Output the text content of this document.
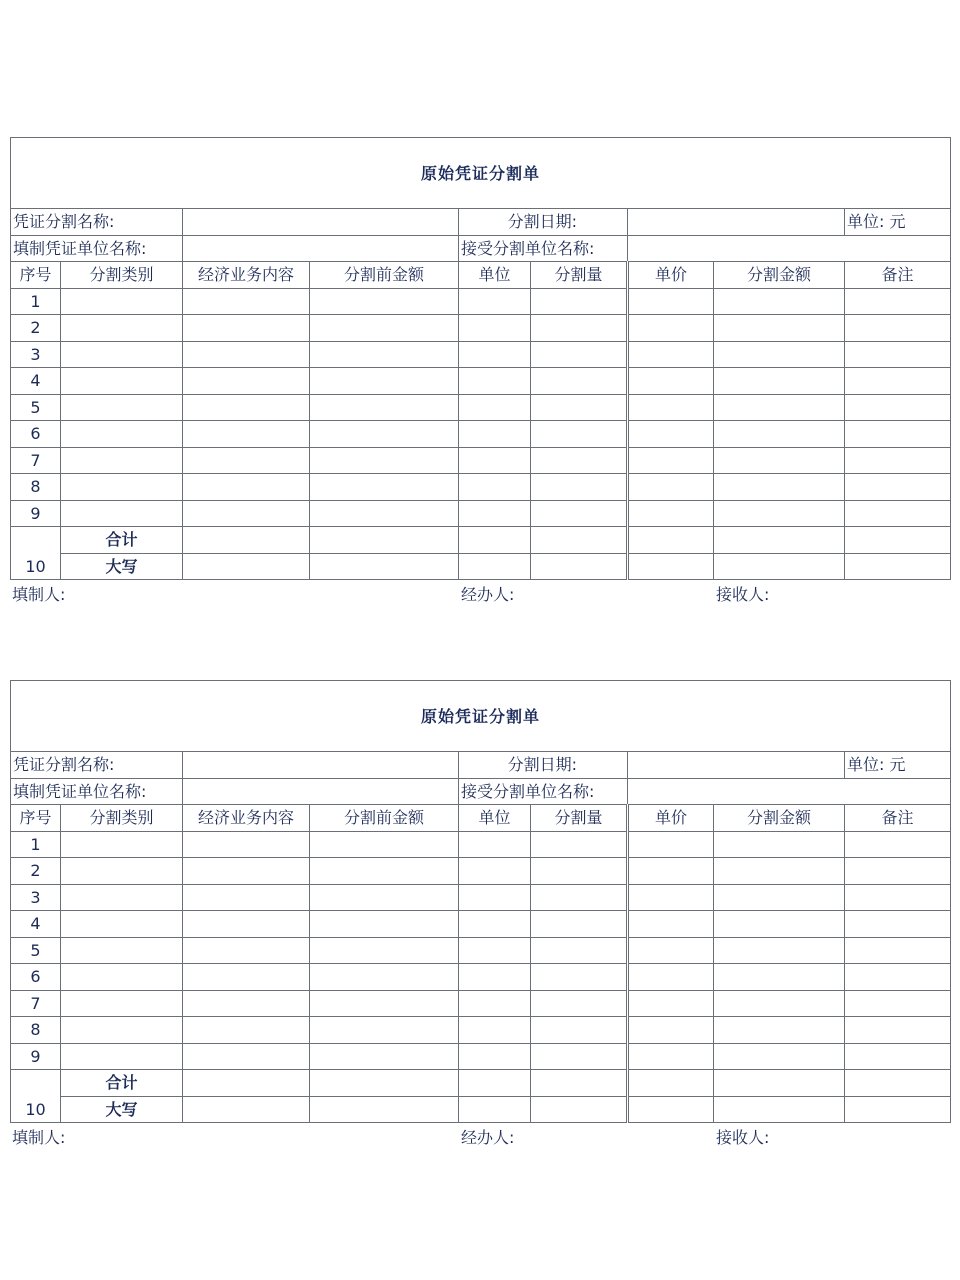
原始凭证分割单								
凭证分割名称:				分割日期:				单位: 元
填制凭证单位名称:				接受分割单位名称:				
序号	分割类别	经济业务内容	分割前金额	单位	分割量	单价	分割金额	备注
1								
2								
3								
4								
5								
6								
7								
8								
9								
10	合计							
	大写							
填制人:	经办人:	接收人:
原始凭证分割单								
凭证分割名称:				分割日期:				单位: 元
填制凭证单位名称:				接受分割单位名称:				
序号	分割类别	经济业务内容	分割前金额	单位	分割量	单价	分割金额	备注
1								
2								
3								
4								
5								
6								
7								
8								
9								
10	合计							
	大写							
填制人:	经办人:	接收人:
